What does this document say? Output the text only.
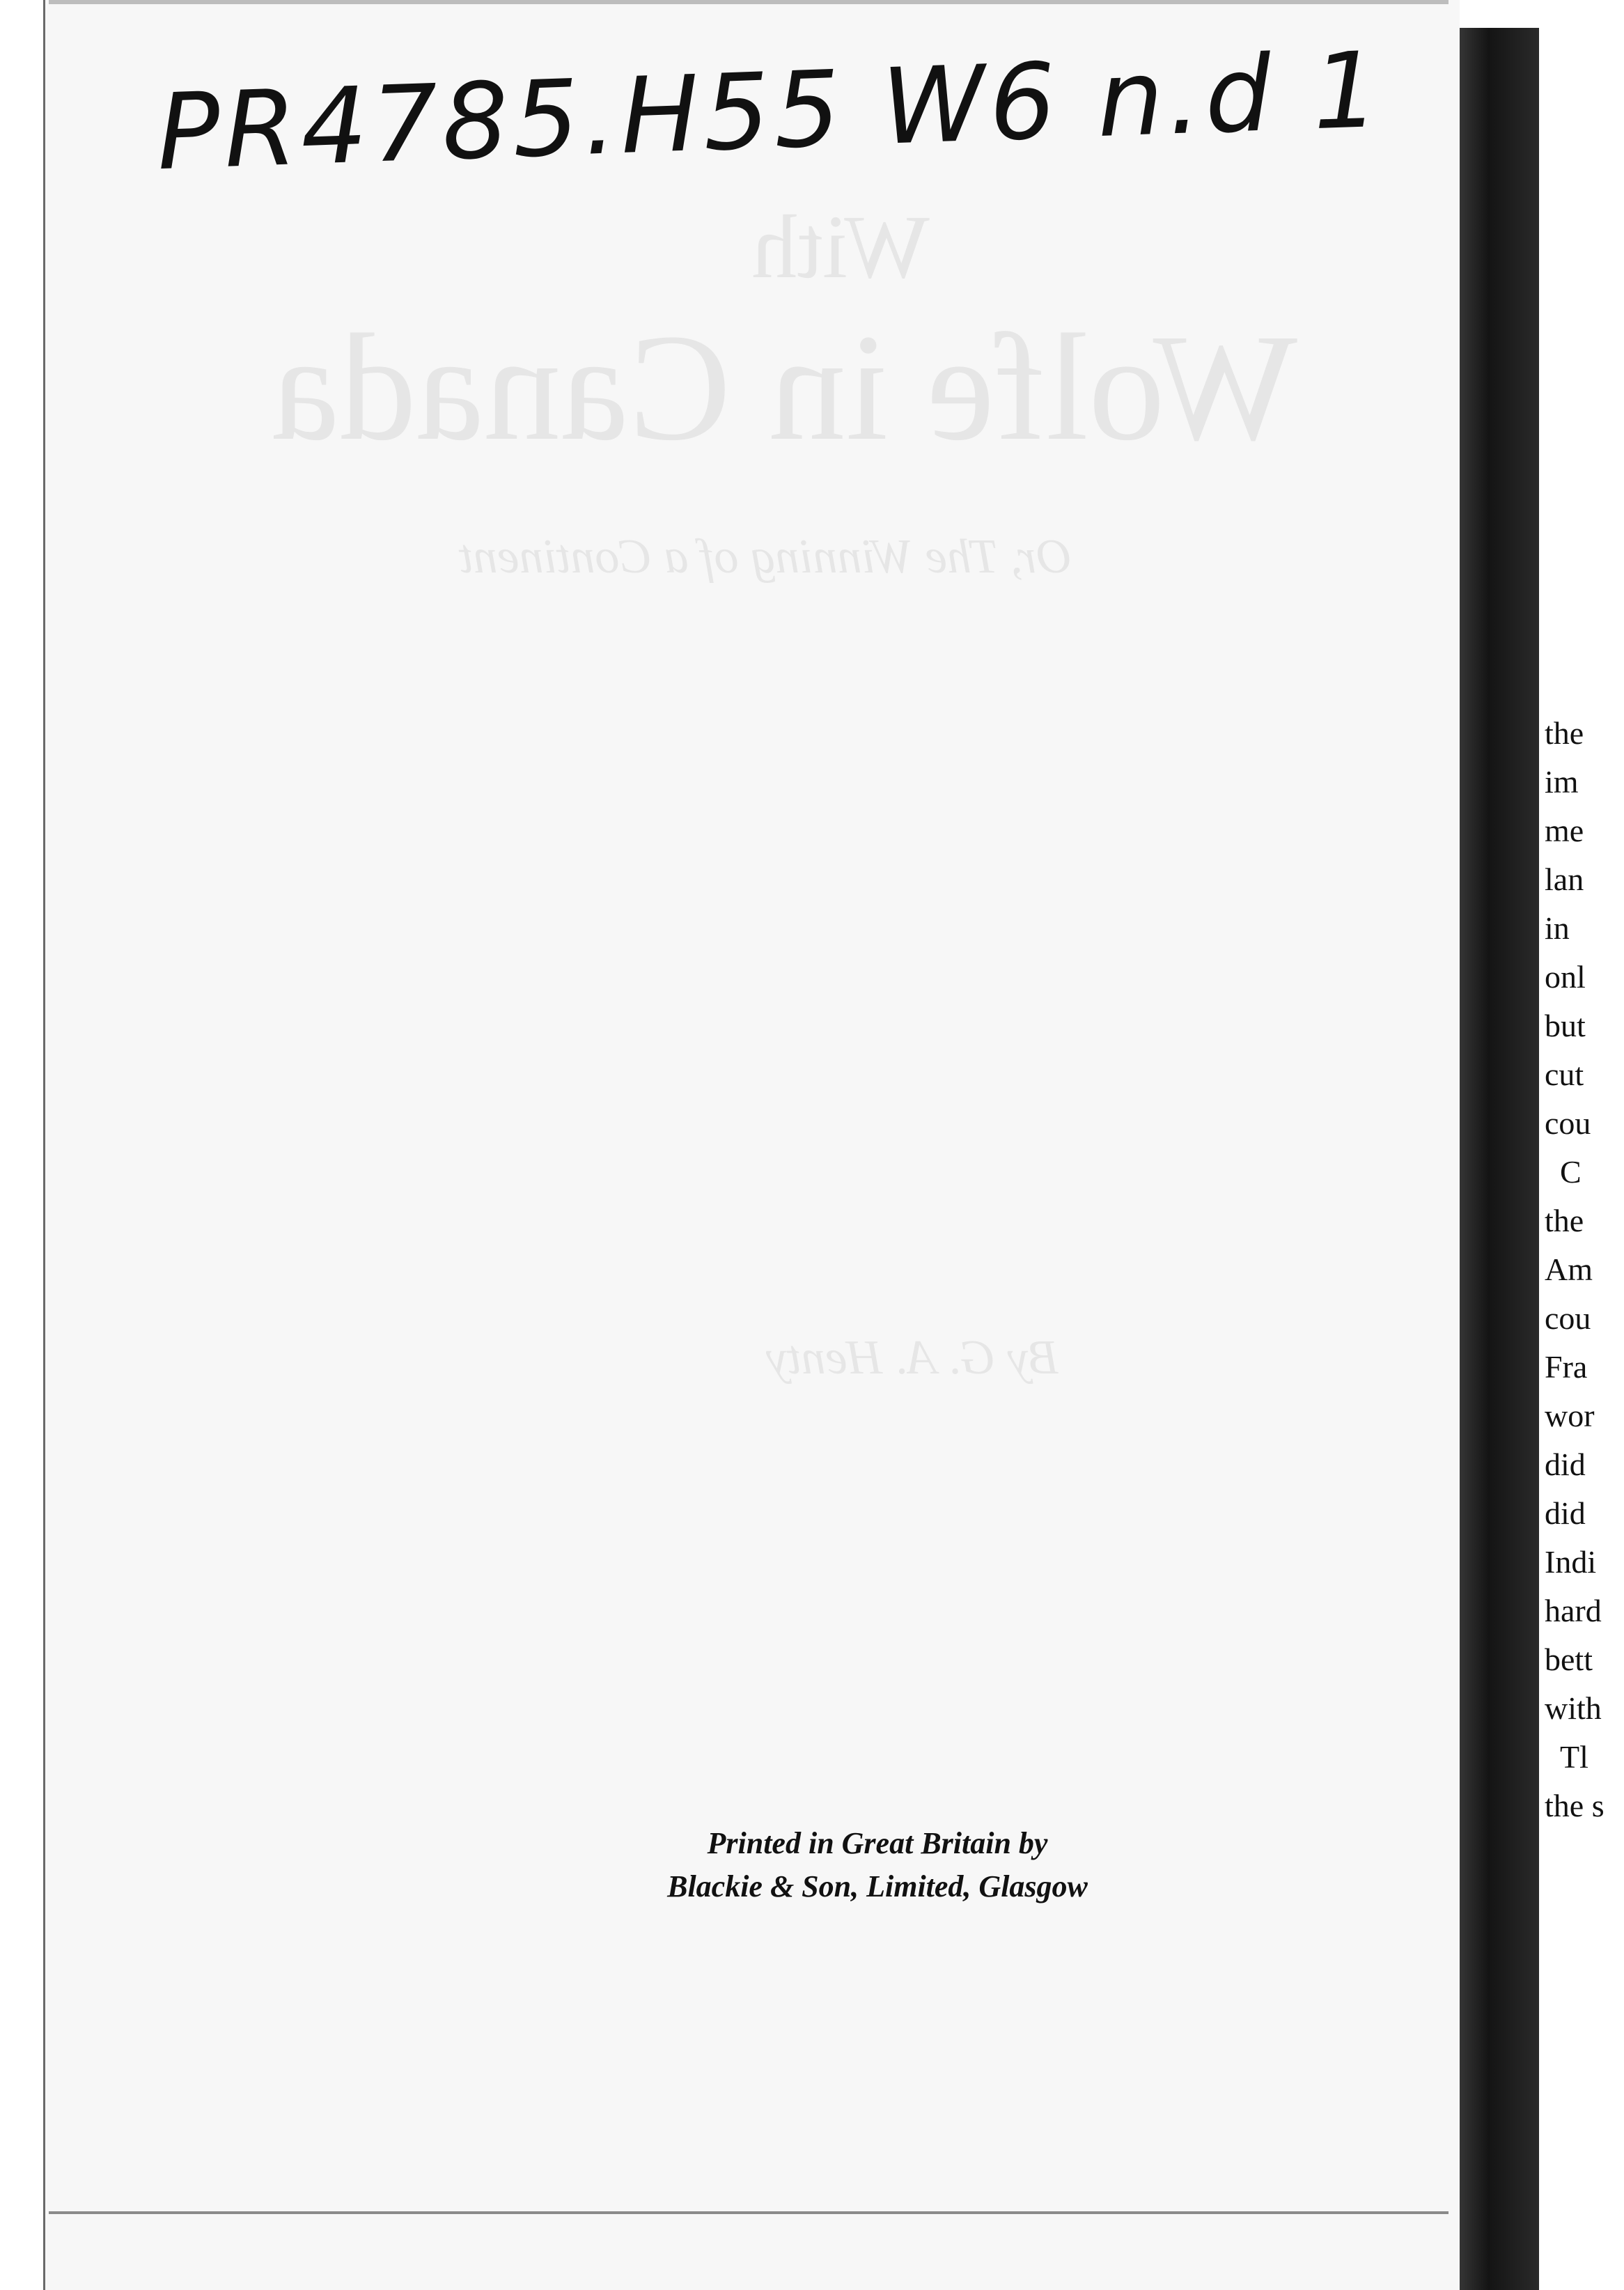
With
Wolfe in Canada
Or, The Winning of a Continent
By G. A. Henty
PR4785.H55 W6 n.d 1
Printed in Great Britain by
Blackie & Son, Limited, Glasgow
the
im
me
lan
in
onl
but
cut
cou
C
the
Am
cou
Fra
wor
did
did
Indi
hard
bett
with
Tl
the s
